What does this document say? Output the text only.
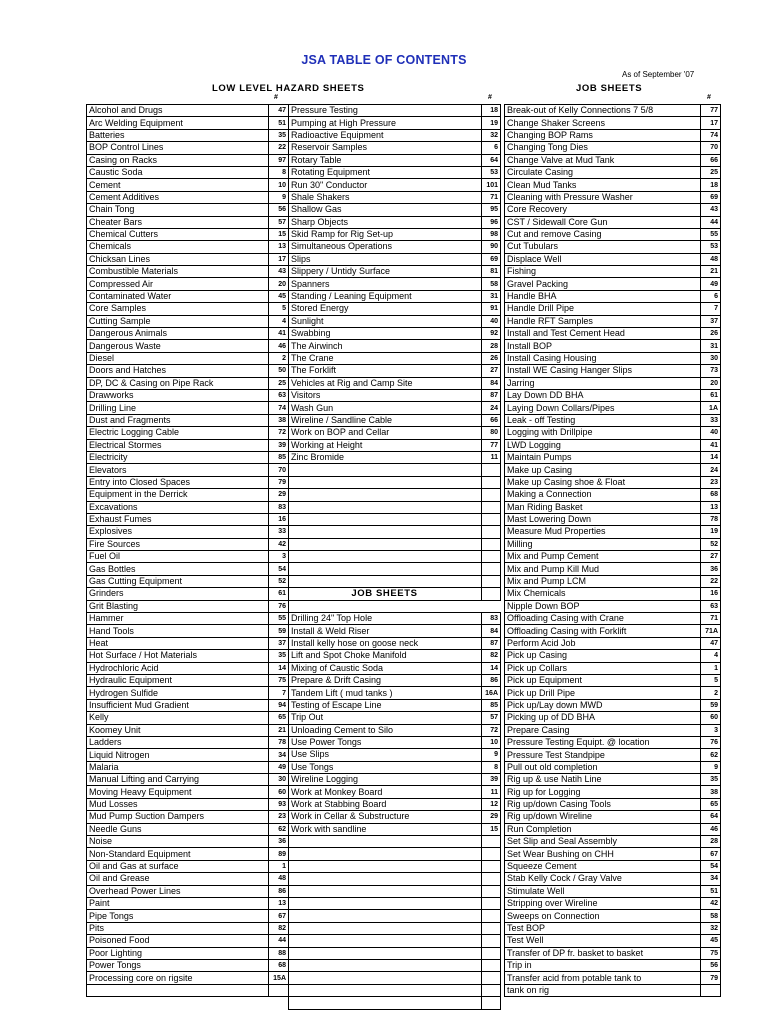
JSA TABLE OF CONTENTS
As of September '07
LOW LEVEL HAZARD SHEETS	JOB SHEETS
#	#	#
Alcohol and Drugs	47
Arc Welding Equipment	51
Batteries	35
BOP Control Lines	22
Casing on Racks	97
Caustic Soda	8
Cement	10
Cement Additives	9
Chain Tong	56
Cheater Bars	57
Chemical Cutters	15
Chemicals	13
Chicksan Lines	17
Combustible Materials	43
Compressed Air	20
Contaminated Water	45
Core Samples	5
Cutting Sample	4
Dangerous Animals	41
Dangerous Waste	46
Diesel	2
Doors and Hatches	50
DP, DC & Casing on Pipe Rack	25
Drawworks	63
Drilling Line	74
Dust and Fragments	38
Electric Logging Cable	72
Electrical Stormes	39
Electricity	85
Elevators	70
Entry into Closed Spaces	79
Equipment in the Derrick	29
Excavations	83
Exhaust Fumes	16
Explosives	33
Fire Sources	42
Fuel Oil	3
Gas Bottles	54
Gas Cutting Equipment	52
Grinders	61
Grit Blasting	76
Hammer	55
Hand Tools	59
Heat	37
Hot Surface / Hot Materials	35
Hydrochloric Acid	14
Hydraulic Equipment	75
Hydrogen Sulfide	7
Insufficient Mud Gradient	94
Kelly	65
Koomey Unit	21
Ladders	78
Liquid Nitrogen	34
Malaria	49
Manual Lifting and Carrying	30
Moving Heavy Equipment	60
Mud Losses	93
Mud Pump Suction Dampers	23
Needle Guns	62
Noise	36
Non-Standard Equipment	89
Oil and Gas at surface	1
Oil and Grease	48
Overhead Power Lines	86
Paint	13
Pipe Tongs	67
Pits	82
Poisoned Food	44
Poor Lighting	88
Power Tongs	68
Processing core on rigsite	15A

Pressure Testing	18
Pumping at High Pressure	19
Radioactive Equipment	32
Reservoir Samples	6
Rotary Table	64
Rotating Equipment	53
Run 30" Conductor	101
Shale Shakers	71
Shallow Gas	95
Sharp Objects	96
Skid Ramp for Rig Set-up	98
Simultaneous Operations	90
Slips	69
Slippery / Untidy Surface	81
Spanners	58
Standing / Leaning Equipment	31
Stored Energy	91
Sunlight	40
Swabbing	92
The Airwinch	28
The Crane	26
The Forklift	27
Vehicles at Rig and Camp Site	84
Visitors	87
Wash Gun	24
Wireline / Sandline Cable	66
Work on BOP and Cellar	80
Working at Height	77
Zinc Bromide	11

Drilling 24" Top Hole	83
Install & Weld Riser	84
Install kelly hose on goose neck	87
Lift and Spot Choke Manifold	82
Mixing of Caustic Soda	14
Prepare & Drift Casing	86
Tandem Lift ( mud tanks )	16A
Testing of Escape Line	85
Trip Out	57
Unloading Cement to Silo	72
Use Power Tongs	10
Use Slips	9
Use Tongs	8
Wireline Logging	39
Work at Monkey Board	11
Work at Stabbing Board	12
Work in Cellar & Substructure	29
Work with sandline	15

JOB SHEETS
Break-out of Kelly Connections 7 5/8	77
Change Shaker Screens	17
Changing BOP Rams	74
Changing Tong Dies	70
Change Valve at Mud Tank	66
Circulate Casing	25
Clean Mud Tanks	18
Cleaning with Pressure Washer	69
Core Recovery	43
CST / Sidewall Core Gun	44
Cut and remove Casing	55
Cut Tubulars	53
Displace Well	48
Fishing	21
Gravel Packing	49
Handle BHA	6
Handle Drill Pipe	7
Handle RFT Samples	37
Install and Test Cement Head	26
Install BOP	31
Install Casing Housing	30
Install WE Casing Hanger Slips	73
Jarring	20
Lay Down DD BHA	61
Laying Down Collars/Pipes	1A
Leak - off Testing	33
Logging with Drillpipe	40
LWD Logging	41
Maintain Pumps	14
Make up Casing	24
Make up Casing shoe & Float	23
Making a Connection	68
Man Riding Basket	13
Mast Lowering Down	78
Measure Mud Properties	19
Milling	52
Mix and Pump Cement	27
Mix and Pump Kill Mud	36
Mix and Pump LCM	22
Mix Chemicals	16
Nipple Down BOP	63
Offloading Casing with Crane	71
Offloading Casing with Forklift	71A
Perform Acid Job	47
Pick up Casing	4
Pick up Collars	1
Pick up Equipment	5
Pick up Drill Pipe	2
Pick up/Lay down MWD	59
Picking up of DD BHA	60
Prepare Casing	3
Pressure Testing Equipt. @ location	76
Pressure Test Standpipe	62
Pull out old completion	9
Rig up & use Natih Line	35
Rig up for Logging	38
Rig up/down Casing Tools	65
Rig up/down Wireline	64
Run Completion	46
Set Slip and Seal Assembly	28
Set Wear Bushing on CHH	67
Squeeze Cement	54
Stab Kelly Cock / Gray Valve	34
Stimulate Well	51
Stripping over Wireline	42
Sweeps on Connection	58
Test BOP	32
Test Well	45
Transfer of DP fr. basket to basket	75
Trip in	56
Transfer acid from potable tank to	79
tank on rig	
